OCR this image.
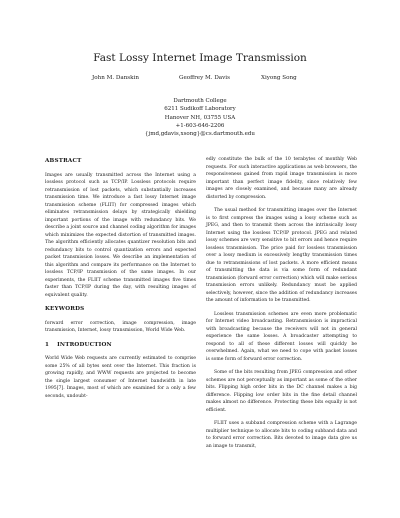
Fast Lossy Internet Image Transmission
John M. Danskin	Geoffrey M. Davis	Xiyong Song
Dartmouth College
6211 Sudikoff Laboratory
Hanover NH, 03755 USA
+1-603-646-2206
{jmd,gdavis,xsong}@cs.dartmouth.edu
ABSTRACT

Images are usually transmitted across the Internet using a lossless protocol such as TCP/IP. Lossless protocols require retransmission of lost packets, which substantially increases transmission time. We introduce a fast lossy Internet image transmission scheme (FLIIT) for compressed images which eliminates retransmission delays by strategically shielding important portions of the image with redundancy bits. We describe a joint source and channel coding algorithm for images which minimizes the expected distortion of transmitted images. The algorithm efficiently allocates quantizer resolution bits and redundancy bits to control quantization errors and expected packet transmission losses. We describe an implementation of this algorithm and compare its performance on the Internet to lossless TCP/IP transmission of the same images. In our experiments, the FLIIT scheme transmitted images five times faster than TCP/IP during the day, with resulting images of equivalent quality.

KEYWORDS

forward error correction, image compression, image transmission, Internet, lossy transmission, World Wide Web.

1 INTRODUCTION

World Wide Web requests are currently estimated to comprise some 25% of all bytes sent over the Internet. This fraction is growing rapidly, and WWW requests are projected to become the single largest consumer of Internet bandwidth in late 1995[7]. Images, most of which are examined for a only a few seconds, undoubt-

edly constitute the bulk of the 10 terabytes of monthly Web requests. For such interactive applications as web browsers, the responsiveness gained from rapid image transmission is more important than perfect image fidelity, since relatively few images are closely examined, and because many are already distorted by compression.

The usual method for transmitting images over the Internet is to first compress the images using a lossy scheme such as JPEG, and then to transmit them across the intrinsically lossy Internet using the lossless TCP/IP protocol. JPEG and related lossy schemes are very sensitive to bit errors and hence require lossless transmission. The price paid for lossless transmission over a lossy medium is excessively lengthy transmission times due to retransmissions of lost packets. A more efficient means of transmitting the data is via some form of redundant transmission (forward error correction) which will make serious transmission errors unlikely. Redundancy must be applied selectively, however, since the addition of redundancy increases the amount of information to be transmitted.

Lossless transmission schemes are even more problematic for Internet video broadcasting. Retransmission is impractical with broadcasting because the receivers will not in general experience the same losses. A broadcaster attempting to respond to all of these different losses will quickly be overwhelmed. Again, what we need to cope with packet losses is some form of forward error correction.

Some of the bits resulting from JPEG compression and other schemes are not perceptually as important as some of the other bits. Flipping high order bits in the DC channel makes a big difference. Flipping low order bits in the fine detail channel makes almost no difference. Protecting these bits equally is not efficient.

FLIIT uses a subband compression scheme with a Lagrange multiplier technique to allocate bits to coding subband data and to forward error correction. Bits devoted to image data give us an image to transmit,
